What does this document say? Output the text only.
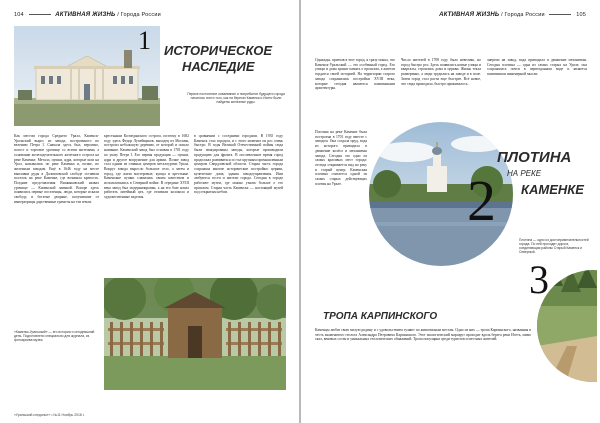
104	АКТИВНАЯ ЖИЗНЬ / Города России
1 ИСТОРИЧЕСКОЕ
НАСЛЕДИЕ
Первое постоянное осваивание и поприбытие будущего города началось почти того, как на берегах Каменки и Исети были найдены железные руды.
Как местом города Среднего Урала, Каменск-Уральский вырос из завода, построенного по велению Петра I. Сначала здесь был, вероятно, погост и торговое урочище со всеми жителями, а основание железоделательного железного острога на реке Каменке. Металл, пушки, ядра, которые шли на Урал, назывались по реке Каменка и, позже, по железным заводам. Ещё в 1646 году на месте выплавки руды в Далматовской слободе оставили поселок на реке Каменке, где возникла крепость. Поздние представления Вишняковский назвал урочище — Каменской заимкой. Вскоре здесь появились первые поселенцы, люди, которые искали свободу, и богатые дворяне, получившие от императрицы дарственные грамоты на эти земли.
крестьянам Колчеданского острога, поэтому в 1682 году здесь Федор Лупейщиков, выходец из Москвы, построил небольшую деревню, от которой и пошло название. Каменский завод был основан в 1701 году по указу Петра I. Его первая продукция — пушки, ядра и другое вооружение для армии. Позже завод стал одним из главных центров металлургии Урала. Вокруг завода выросло большое село, а затем и город, где жили мастеровые, купцы и крестьяне. Каменские пушки славились своим качеством и использовались в Северной войне. В середине XVIII века завод был модернизирован, а на его базе начал работать литейный цех, где отливали колокола и художественные изделия.
в сравнении с соседними городами. В 1935 году Каменск стал городом, и с этого момента он рос очень быстро. В годы Великой Отечественной войны сюда были эвакуированы заводы, которые производили продукцию для фронта. В послевоенное время город продолжал развиваться и стал крупным промышленным центром Свердловской области. Старая часть города сохранила многие исторические постройки: церкви, купеческие дома, здания заводоуправления. Ими любуются гости и жители города. Сегодня в городе работают музеи, где можно узнать больше о его прошлом. Старая часть Каменска — настоящий музей под открытым небом.
«Каменск-Уральский» — его история и сегодняшний день. Подготовлено специально для журнала, из фотоархива музея.
«Уральский следопыт» • №11 Ноябрь 2018 г.
АКТИВНАЯ ЖИЗНЬ / Города России	105
Однажды, приехав в этот город, я сразу понял, что Каменск-Уральский — это особенный город. Его улицы и дома хранят память о прошлом, а жители гордятся своей историей. На территории старого завода сохранились постройки XVIII века, которые сегодня являются памятниками архитектуры.
Число жителей в 1708 году было невелико, но город быстро рос. Здесь появились новые улицы и кварталы, строились дома и церкви. Жизнь текла размеренно, а люди трудились на заводе и в поле. Затем город стал расти еще быстрее. Всё новое, что сюда приходило, быстро приживалось.
энергии на завод, вода приводила в движение механизмы. Сегодня плотина — одна из самых старых на Урале, она сохранилась почти в первозданном виде и является памятником инженерной мысли.
2
ПЛОТИНА
НА РЕКЕ
КАМЕНКЕ
Плотина — одно из достопримечательностей города. По ней проходит дорога, соединяющая районы Старый Каменск и Северный.
Плотина на реке Каменке была построена в 1701 году вместе с заводом. Она создала пруд, вода из которого приводила в движение колёса и механизмы завода. Сегодня это одно из самых красивых мест города: отсюда открывается вид на реку и старый центр. Каменская плотина считается одной из самых старых действующих плотин на Урале.
3
ТРОПА КАРПИНСКОГО
Каменцы любят свою малую родину и с удовольствием гуляют по живописным местам. Одно из них — тропа Карпинского, названная в честь знаменитого геолога Александра Петровича Карпинского. Этот экологический маршрут проходит вдоль берега реки Исеть, мимо скал, вековых сосен и уникальных геологических обнажений. Тропа популярна среди туристов и местных жителей.
